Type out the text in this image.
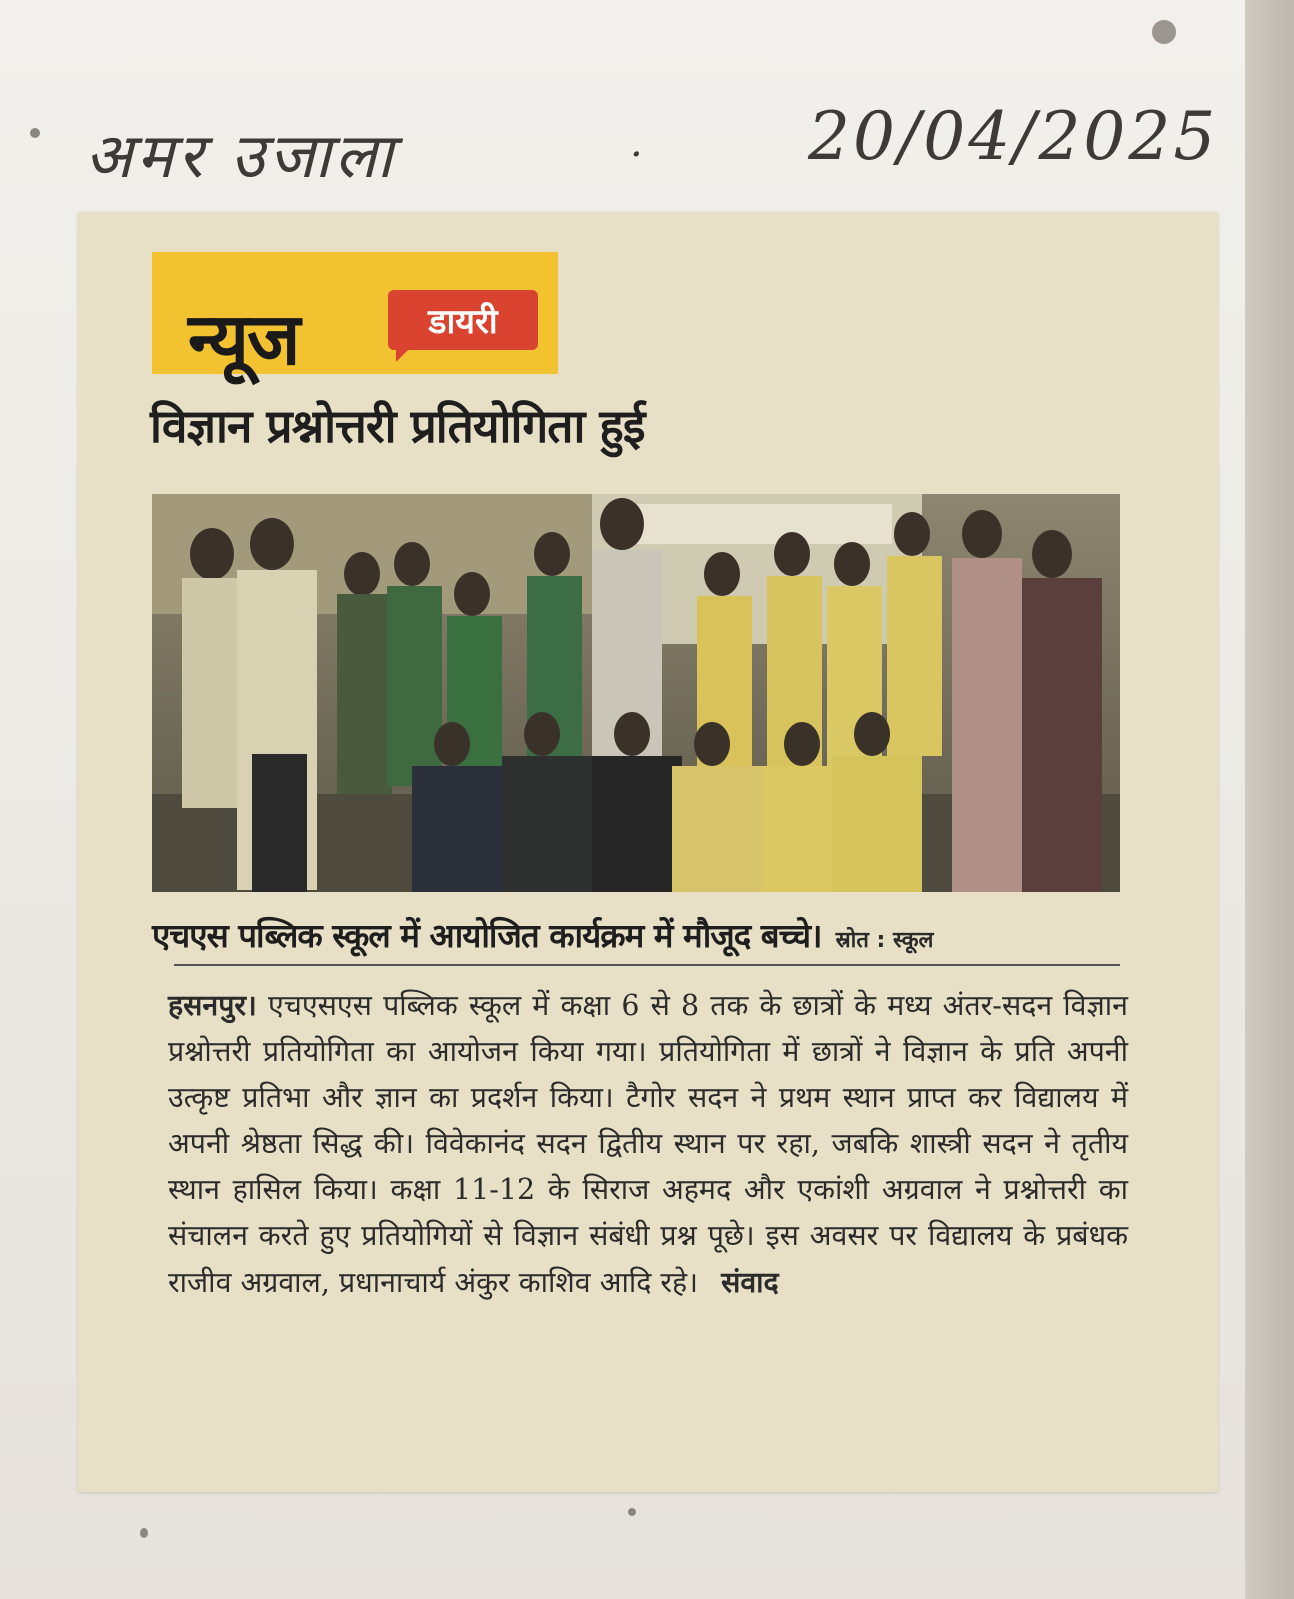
अमर उजाला	·	20/04/2025
न्यूज	डायरी
विज्ञान प्रश्नोत्तरी प्रतियोगिता हुई
एचएस पब्लिक स्कूल में आयोजित कार्यक्रम में मौजूद बच्चे। स्रोत : स्कूल
हसनपुर। एचएसएस पब्लिक स्कूल में कक्षा 6 से 8 तक के छात्रों के मध्य अंतर-सदन विज्ञान प्रश्नोत्तरी प्रतियोगिता का आयोजन किया गया। प्रतियोगिता में छात्रों ने विज्ञान के प्रति अपनी उत्कृष्ट प्रतिभा और ज्ञान का प्रदर्शन किया। टैगोर सदन ने प्रथम स्थान प्राप्त कर विद्यालय में अपनी श्रेष्ठता सिद्ध की। विवेकानंद सदन द्वितीय स्थान पर रहा, जबकि शास्त्री सदन ने तृतीय स्थान हासिल किया। कक्षा 11-12 के सिराज अहमद और एकांशी अग्रवाल ने प्रश्नोत्तरी का संचालन करते हुए प्रतियोगियों से विज्ञान संबंधी प्रश्न पूछे। इस अवसर पर विद्यालय के प्रबंधक राजीव अग्रवाल, प्रधानाचार्य अंकुर काशिव आदि रहे। संवाद
